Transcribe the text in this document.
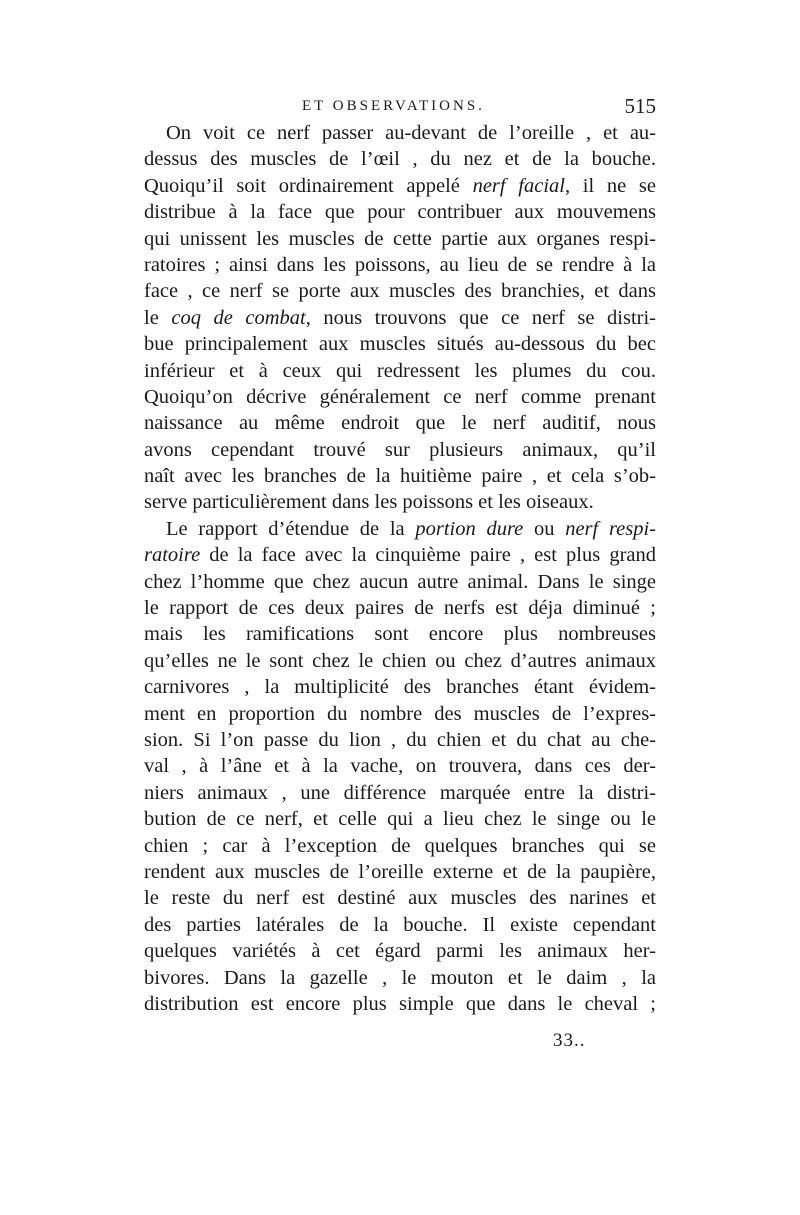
ET OBSERVATIONS.	515
On voit ce nerf passer au-devant de l’oreille , et au-
dessus des muscles de l’œil , du nez et de la bouche.
Quoiqu’il soit ordinairement appelé nerf facial, il ne se
distribue à la face que pour contribuer aux mouvemens
qui unissent les muscles de cette partie aux organes respi-
ratoires ; ainsi dans les poissons, au lieu de se rendre à la
face , ce nerf se porte aux muscles des branchies, et dans
le coq de combat, nous trouvons que ce nerf se distri-
bue principalement aux muscles situés au-dessous du bec
inférieur et à ceux qui redressent les plumes du cou.
Quoiqu’on décrive généralement ce nerf comme prenant
naissance au même endroit que le nerf auditif, nous
avons cependant trouvé sur plusieurs animaux, qu’il
naît avec les branches de la huitième paire , et cela s’ob-
serve particulièrement dans les poissons et les oiseaux.
Le rapport d’étendue de la portion dure ou nerf respi-
ratoire de la face avec la cinquième paire , est plus grand
chez l’homme que chez aucun autre animal. Dans le singe
le rapport de ces deux paires de nerfs est déja diminué ;
mais les ramifications sont encore plus nombreuses
qu’elles ne le sont chez le chien ou chez d’autres animaux
carnivores , la multiplicité des branches étant évidem-
ment en proportion du nombre des muscles de l’expres-
sion. Si l’on passe du lion , du chien et du chat au che-
val , à l’âne et à la vache, on trouvera, dans ces der-
niers animaux , une différence marquée entre la distri-
bution de ce nerf, et celle qui a lieu chez le singe ou le
chien ; car à l’exception de quelques branches qui se
rendent aux muscles de l’oreille externe et de la paupière,
le reste du nerf est destiné aux muscles des narines et
des parties latérales de la bouche. Il existe cependant
quelques variétés à cet égard parmi les animaux her-
bivores. Dans la gazelle , le mouton et le daim , la
distribution est encore plus simple que dans le cheval ;
33..
